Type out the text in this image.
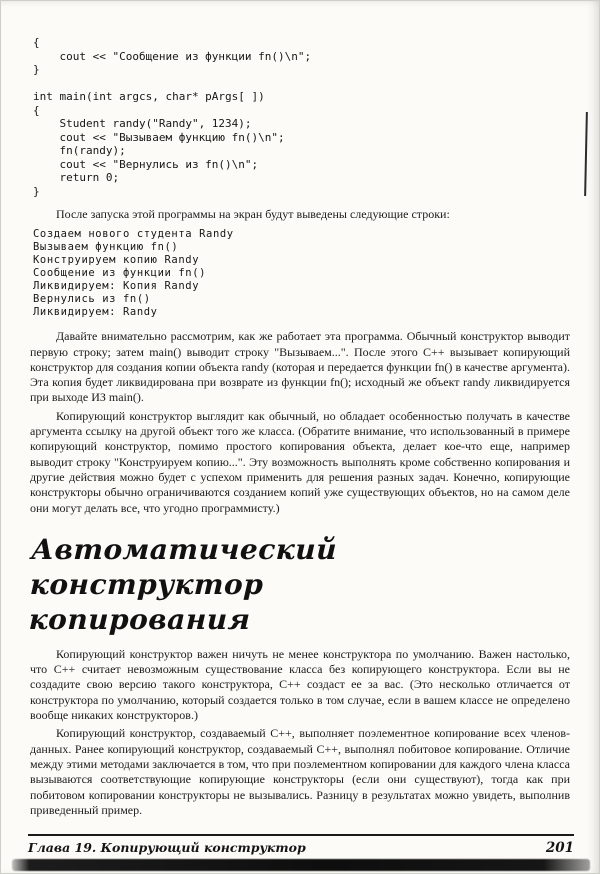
{
cout << "Сообщение из функции fn()\n";
}
int main(int argcs, char* pArgs[ ])
{
Student randy("Randy", 1234);
cout << "Вызываем функцию fn()\n";
fn(randy);
cout << "Вернулись из fn()\n";
return 0;
}

После запуска этой программы на экран будут выведены следующие строки:

Создаем нового студента Randy
Вызываем функцию fn()
Конструируем копию Randy
Сообщение из функции fn()
Ликвидируем: Копия Randy
Вернулись из fn()
Ликвидируем: Randy

Давайте внимательно рассмотрим, как же работает эта программа. Обычный конструктор выводит первую строку; затем main() выводит строку "Вызываем...". После этого C++ вызывает копирующий конструктор для создания копии объекта randy (которая и передается функции fn() в качестве аргумента). Эта копия будет ликвидирована при возврате из функции fn(); исходный же объект randy ликвидируется при выходе ИЗ main().

Копирующий конструктор выглядит как обычный, но обладает особенностью получать в качестве аргумента ссылку на другой объект того же класса. (Обратите внимание, что использованный в примере копирующий конструктор, помимо простого копирования объекта, делает кое-что еще, например выводит строку "Конструируем копию...". Эту возможность выполнять кроме собственно копирования и другие действия можно будет с успехом применить для решения разных задач. Конечно, копирующие конструкторы обычно ограничиваются созданием копий уже существующих объектов, но на самом деле они могут делать все, что угодно программисту.)

Автоматический конструктор
копирования

Копирующий конструктор важен ничуть не менее конструктора по умолчанию. Важен настолько, что C++ считает невозможным существование класса без копирующего конструктора. Если вы не создадите свою версию такого конструктора, C++ создаст ее за вас. (Это несколько отличается от конструктора по умолчанию, который создается только в том случае, если в вашем классе не определено вообще никаких конструкторов.)

Копирующий конструктор, создаваемый C++, выполняет поэлементное копирование всех членов-данных. Ранее копирующий конструктор, создаваемый C++, выполнял побитовое копирование. Отличие между этими методами заключается в том, что при поэлементном копировании для каждого члена класса вызываются соответствующие копирующие конструкторы (если они существуют), тогда как при побитовом копировании конструкторы не вызывались. Разницу в результатах можно увидеть, выполнив приведенный пример.

Глава 19. Копирующий конструктор	201
